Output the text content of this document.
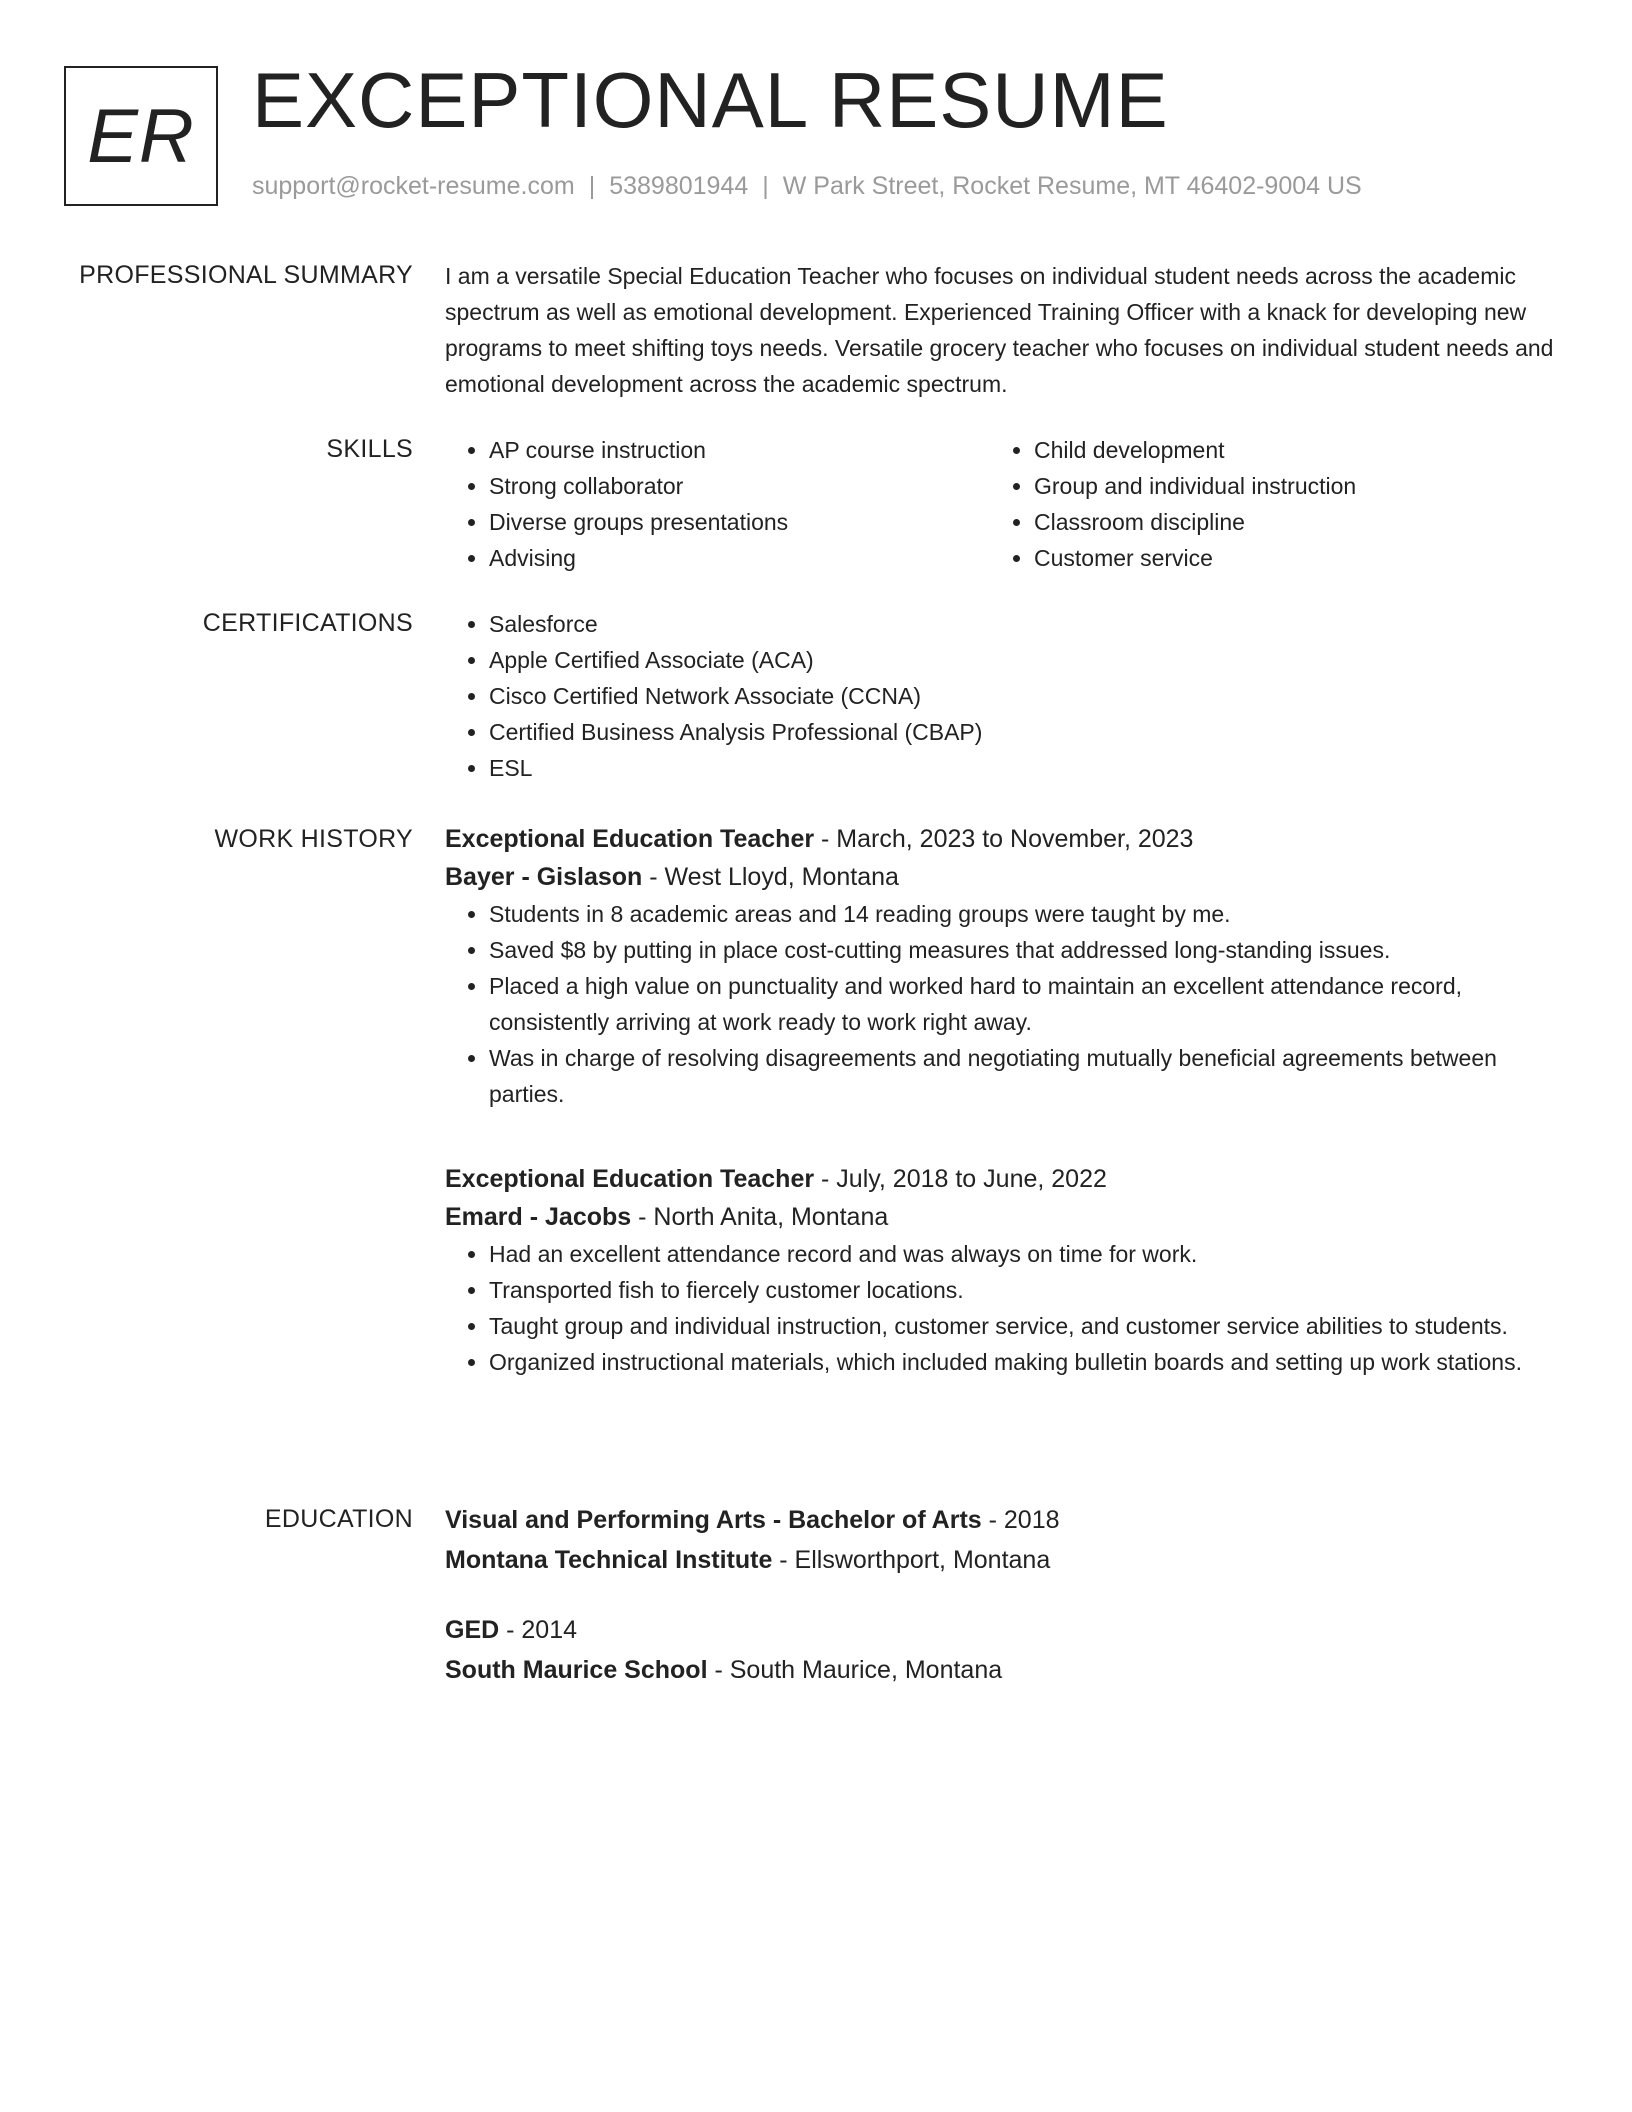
ER EXCEPTIONAL RESUME
support@rocket-resume.com | 5389801944 | W Park Street, Rocket Resume, MT 46402-9004 US
PROFESSIONAL SUMMARY I am a versatile Special Education Teacher who focuses on individual student needs across the academic spectrum as well as emotional development. Experienced Training Officer with a knack for developing new programs to meet shifting toys needs. Versatile grocery teacher who focuses on individual student needs and emotional development across the academic spectrum.

SKILLS	• AP course instruction
• Strong collaborator
• Diverse groups presentations
• Advising
• Child development
• Group and individual instruction
• Classroom discipline
• Customer service
CERTIFICATIONS	• Salesforce
• Apple Certified Associate (ACA)
• Cisco Certified Network Associate (CCNA)
• Certified Business Analysis Professional (CBAP)
• ESL
WORK HISTORY Exceptional Education Teacher - March, 2023 to November, 2023
Bayer - Gislason - West Lloyd, Montana
• Students in 8 academic areas and 14 reading groups were taught by me.
• Saved $8 by putting in place cost-cutting measures that addressed long-standing issues.
• Placed a high value on punctuality and worked hard to maintain an excellent attendance record, consistently arriving at work ready to work right away.
• Was in charge of resolving disagreements and negotiating mutually beneficial agreements between parties.
Exceptional Education Teacher - July, 2018 to June, 2022
Emard - Jacobs - North Anita, Montana
• Had an excellent attendance record and was always on time for work.
• Transported fish to fiercely customer locations.
• Taught group and individual instruction, customer service, and customer service abilities to students.
• Organized instructional materials, which included making bulletin boards and setting up work stations.
EDUCATION Visual and Performing Arts - Bachelor of Arts - 2018
Montana Technical Institute - Ellsworthport, Montana
GED - 2014
South Maurice School - South Maurice, Montana
